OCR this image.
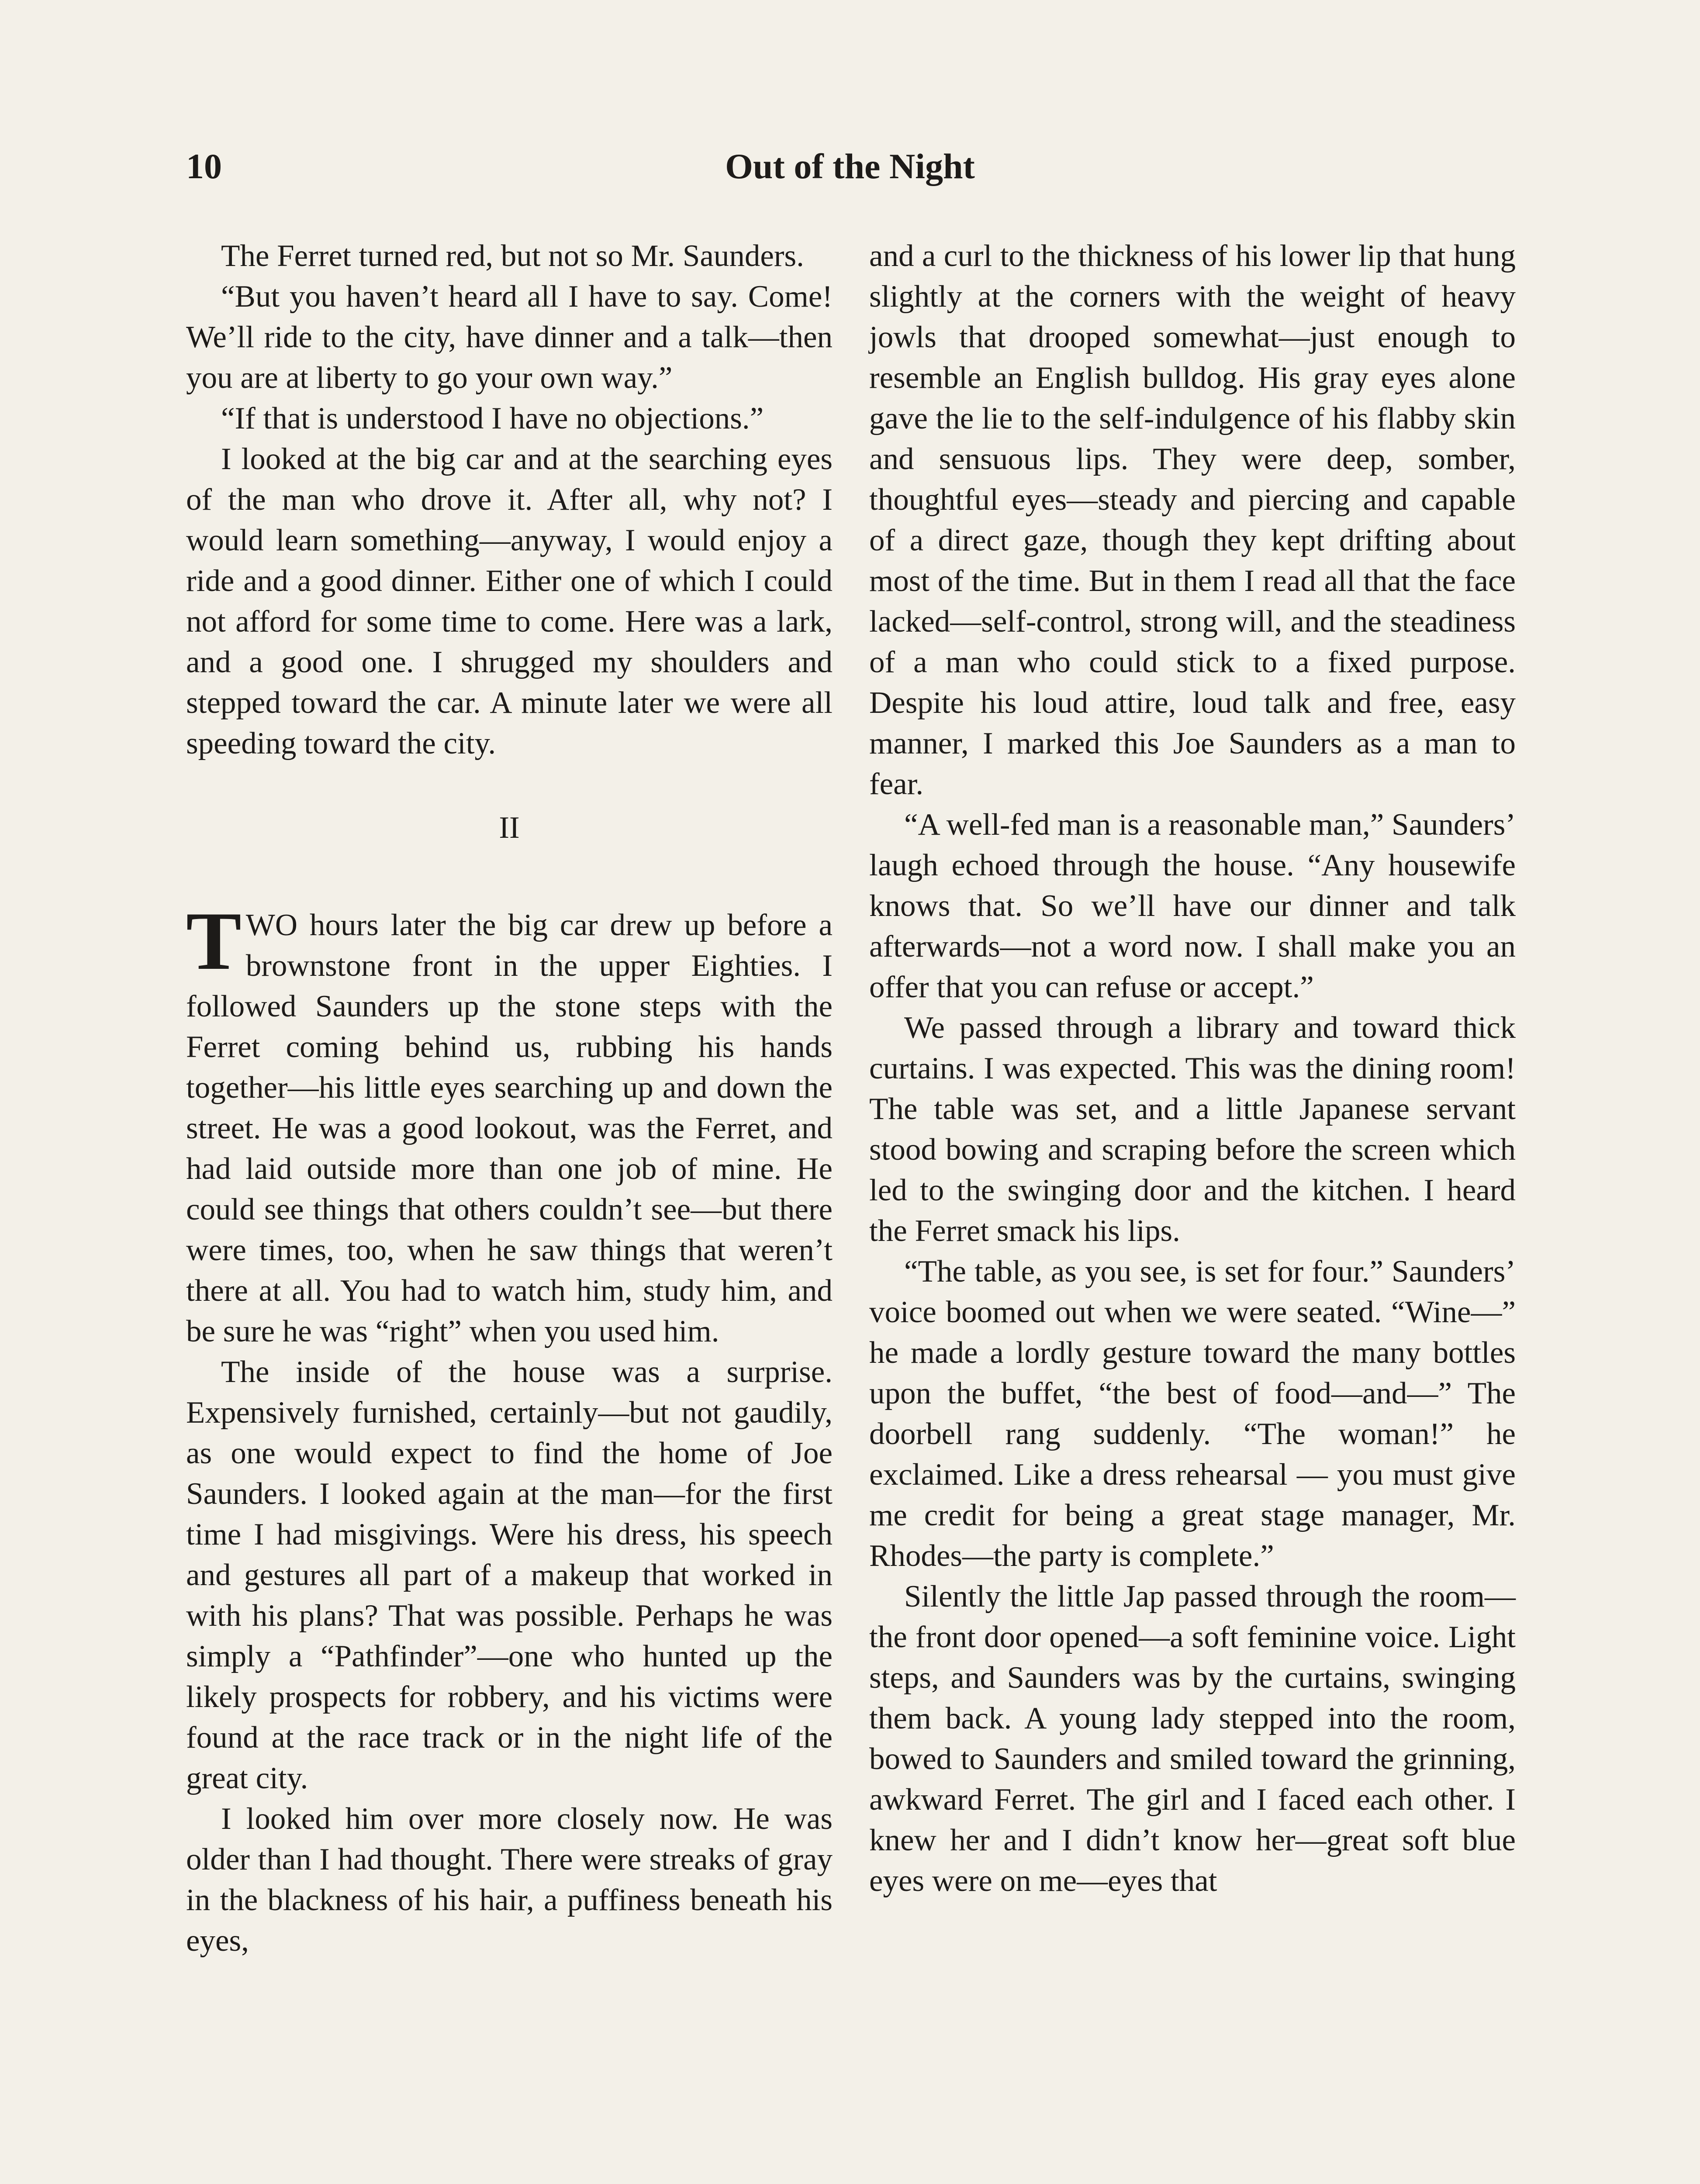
10	Out of the Night

The Ferret turned red, but not so Mr. Saunders.

“But you haven’t heard all I have to say. Come! We’ll ride to the city, have dinner and a talk—then you are at liberty to go your own way.”

“If that is understood I have no objections.”

I looked at the big car and at the searching eyes of the man who drove it. After all, why not? I would learn something—anyway, I would enjoy a ride and a good dinner. Either one of which I could not afford for some time to come. Here was a lark, and a good one. I shrugged my shoulders and stepped toward the car. A minute later we were all speeding toward the city.

II

TWO hours later the big car drew up before a brownstone front in the upper Eighties. I followed Saunders up the stone steps with the Ferret coming behind us, rubbing his hands together—his little eyes searching up and down the street. He was a good lookout, was the Ferret, and had laid outside more than one job of mine. He could see things that others couldn’t see—but there were times, too, when he saw things that weren’t there at all. You had to watch him, study him, and be sure he was “right” when you used him.

The inside of the house was a surprise. Expensively furnished, certainly—but not gaudily, as one would expect to find the home of Joe Saunders. I looked again at the man—for the first time I had misgivings. Were his dress, his speech and gestures all part of a makeup that worked in with his plans? That was possible. Perhaps he was simply a “Pathfinder”—one who hunted up the likely prospects for robbery, and his victims were found at the race track or in the night life of the great city.

I looked him over more closely now. He was older than I had thought. There were streaks of gray in the blackness of his hair, a puffiness beneath his eyes,

and a curl to the thickness of his lower lip that hung slightly at the corners with the weight of heavy jowls that drooped somewhat—just enough to resemble an English bulldog. His gray eyes alone gave the lie to the self-indulgence of his flabby skin and sensuous lips. They were deep, somber, thoughtful eyes—steady and piercing and capable of a direct gaze, though they kept drifting about most of the time. But in them I read all that the face lacked—self-control, strong will, and the steadiness of a man who could stick to a fixed purpose. Despite his loud attire, loud talk and free, easy manner, I marked this Joe Saunders as a man to fear.

“A well-fed man is a reasonable man,” Saunders’ laugh echoed through the house. “Any housewife knows that. So we’ll have our dinner and talk afterwards—not a word now. I shall make you an offer that you can refuse or accept.”

We passed through a library and toward thick curtains. I was expected. This was the dining room! The table was set, and a little Japanese servant stood bowing and scraping before the screen which led to the swinging door and the kitchen. I heard the Ferret smack his lips.

“The table, as you see, is set for four.” Saunders’ voice boomed out when we were seated. “Wine—” he made a lordly gesture toward the many bottles upon the buffet, “the best of food—and—” The doorbell rang suddenly. “The woman!” he exclaimed. Like a dress rehearsal — you must give me credit for being a great stage manager, Mr. Rhodes—the party is complete.”

Silently the little Jap passed through the room—the front door opened—a soft feminine voice. Light steps, and Saunders was by the curtains, swinging them back. A young lady stepped into the room, bowed to Saunders and smiled toward the grinning, awkward Ferret. The girl and I faced each other. I knew her and I didn’t know her—great soft blue eyes were on me—eyes that
